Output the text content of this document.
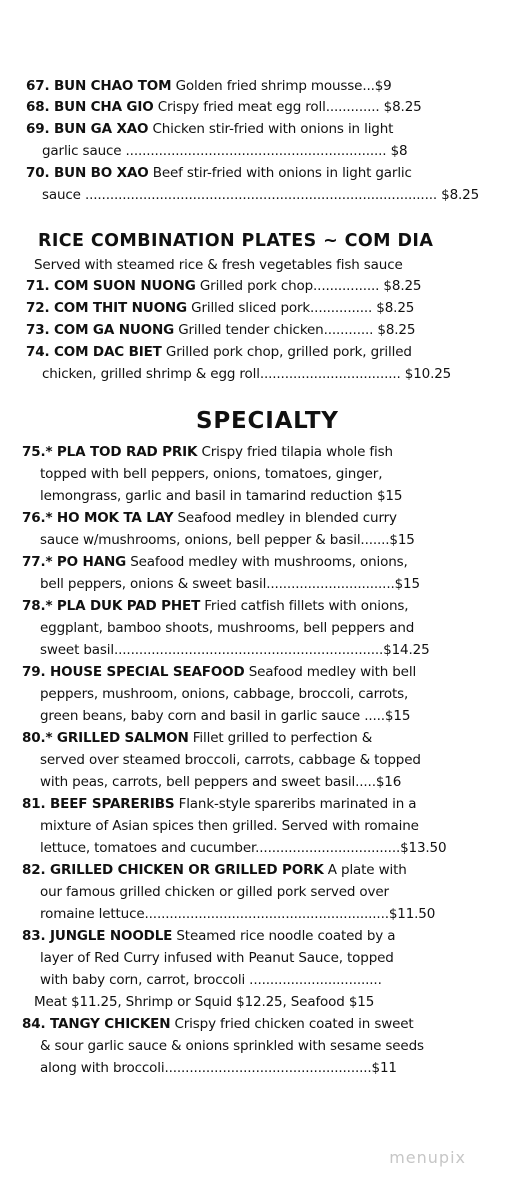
RICE COMBINATION PLATES ~ COM DIA
SPECIALTY
67. BUN CHAO TOM Golden fried shrimp mousse...$9
68. BUN CHA GIO Crispy fried meat egg roll............. $8.25
69. BUN GA XAO Chicken stir-fried with onions in light
garlic sauce ............................................................... $8
70. BUN BO XAO Beef stir-fried with onions in light garlic
sauce ..................................................................................... $8.25
Served with steamed rice & fresh vegetables fish sauce
71. COM SUON NUONG Grilled pork chop................ $8.25
72. COM THIT NUONG Grilled sliced pork............... $8.25
73. COM GA NUONG Grilled tender chicken............ $8.25
74. COM DAC BIET Grilled pork chop, grilled pork, grilled
chicken, grilled shrimp & egg roll.................................. $10.25
75.* PLA TOD RAD PRIK Crispy fried tilapia whole fish
topped with bell peppers, onions, tomatoes, ginger,
lemongrass, garlic and basil in tamarind reduction $15
76.* HO MOK TA LAY Seafood medley in blended curry
sauce w/mushrooms, onions, bell pepper & basil.......$15
77.* PO HANG Seafood medley with mushrooms, onions,
bell peppers, onions & sweet basil...............................$15
78.* PLA DUK PAD PHET Fried catfish fillets with onions,
eggplant, bamboo shoots, mushrooms, bell peppers and
sweet basil.................................................................$14.25
79. HOUSE SPECIAL SEAFOOD Seafood medley with bell
peppers, mushroom, onions, cabbage, broccoli, carrots,
green beans, baby corn and basil in garlic sauce .....$15
80.* GRILLED SALMON Fillet grilled to perfection &
served over steamed broccoli, carrots, cabbage & topped
with peas, carrots, bell peppers and sweet basil.....$16
81. BEEF SPARERIBS Flank-style spareribs marinated in a
mixture of Asian spices then grilled. Served with romaine
lettuce, tomatoes and cucumber...................................$13.50
82. GRILLED CHICKEN OR GRILLED PORK A plate with
our famous grilled chicken or gilled pork served over
romaine lettuce...........................................................$11.50
83. JUNGLE NOODLE Steamed rice noodle coated by a
layer of Red Curry infused with Peanut Sauce, topped
with baby corn, carrot, broccoli ................................
Meat $11.25, Shrimp or Squid $12.25, Seafood $15
84. TANGY CHICKEN Crispy fried chicken coated in sweet
& sour garlic sauce & onions sprinkled with sesame seeds
along with broccoli..................................................$11
menupix
